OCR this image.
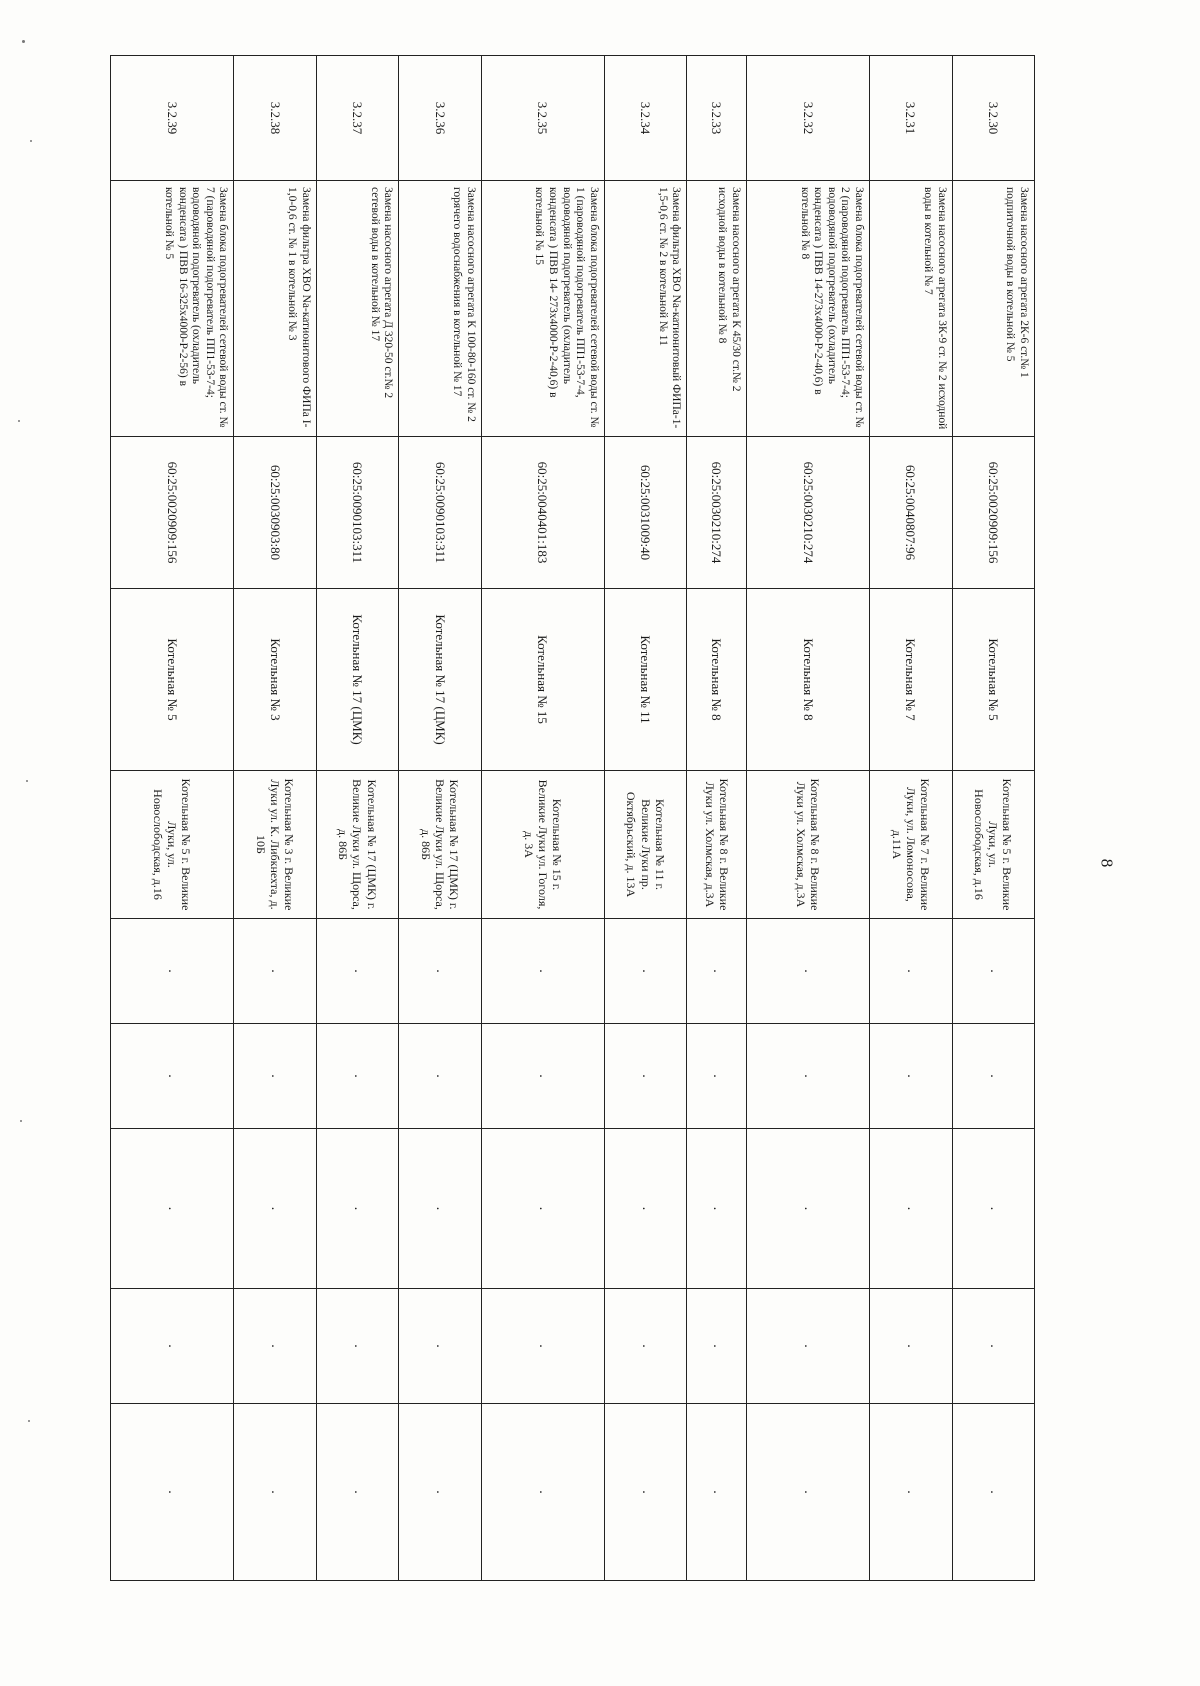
8
3.2.30	Замена насосного агрегата 2К-6 ст.№ 1 подпиточной воды в котельной № 5	60:25:0020909:156	Котельная № 5	Котельная № 5 г. Великие Луки, ул. Новослободская, д.16	.	.	.	.	.
3.2.31	Замена насосного агрегата 3К-9 ст. № 2 исходной воды в котельной № 7	60:25:0040807:96	Котельная № 7	Котельная № 7 г. Великие Луки, ул. Ломоносова, д.11А	.	.	.	.	.
3.2.32	Замена блока подогревателей сетевой воды ст. № 2 (пароводяной подогреватель ПП1-53-7-4; водоводяной подогреватель (охладитель конденсата ) ПВВ 14-273х4000-Р-2-40,6) в котельной № 8	60:25:0030210:274	Котельная № 8	Котельная № 8 г. Великие Луки ул. Холмская, д.3А	.	.	.	.	.
3.2.33	Замена насосного агрегата К 45/30 ст.№ 2 исходной воды в котельной № 8	60:25:0030210:274	Котельная № 8	Котельная № 8 г. Великие Луки ул. Холмская, д.3А	.	.	.	.	.
3.2.34	Замена фильтра ХВО Na-катионитовый ФИПа-1-1,5-0,6 ст. № 2 в котельной № 11	60:25:0031009:40	Котельная № 11	Котельная № 11 г. Великие Луки пр. Октябрьский, д. 13А	.	.	.	.	.
3.2.35	Замена блока подогревателей сетевой воды ст. № 1 (пароводяной подогреватель ПП1-53-7-4, водоводяной подогреватель (охладитель конденсата ) ПВВ 14- 273х4000-Р-2-40,6) в котельной № 15	60:25:0040401:183	Котельная № 15	Котельная № 15 г. Великие Луки ул. Гоголя, д. 3А	.	.	.	.	.
3.2.36	Замена насосного агрегата К 100-80-160 ст. № 2 горячего водоснабжения в котельной № 17	60:25:0090103:311	Котельная № 17 (ЦМК)	Котельная № 17 (ЦМК) г. Великие Луки ул. Щорса, д. 86Б	.	.	.	.	.
3.2.37	Замена насосного агрегата Д 320-50 ст.№ 2 сетевой воды в котельной № 17	60:25:0090103:311	Котельная № 17 (ЦМК)	Котельная № 17 (ЦМК) г. Великие Луки ул. Щорса, д. 86Б	.	.	.	.	.
3.2.38	Замена фильтра ХВО Na-катионитового ФИПа I-1,0-0,6 ст. № 1 в котельной № 3	60:25:0030903:80	Котельная № 3	Котельная № 3 г. Великие Луки ул. К. Либкнехта, д. 10Б	.	.	.	.	.
3.2.39	Замена блока подогревателей сетевой воды ст. № 7 (пароводяной подогреватель ПП1-53-7-4; водоводяной подогреватель (охладитель конденсата ) ПВВ 16-325х4000-Р-2-56) в котельной № 5	60:25:0020909:156	Котельная № 5	Котельная № 5 г. Великие Луки, ул. Новослободская, д.16	.	.	.	.	.
